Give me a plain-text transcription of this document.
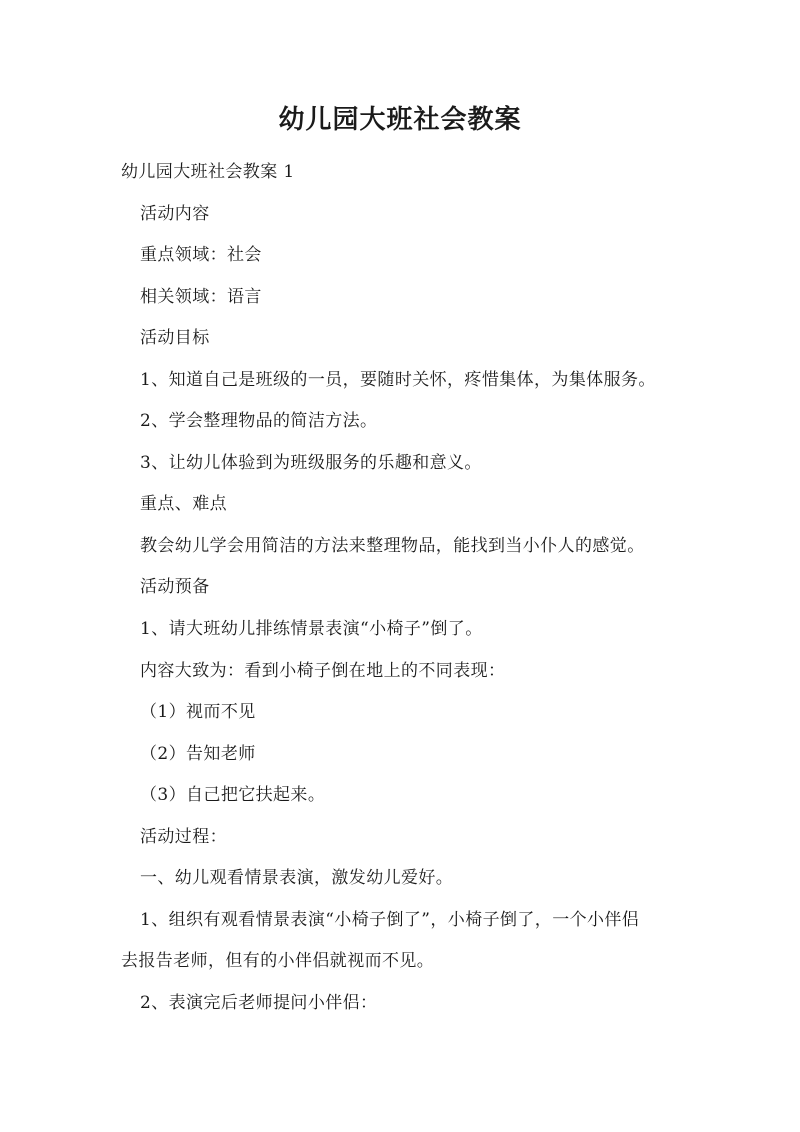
幼儿园大班社会教案
幼儿园大班社会教案 1
活动内容
重点领域：社会
相关领域：语言
活动目标
1、知道自己是班级的一员，要随时关怀，疼惜集体，为集体服务。
2、学会整理物品的简洁方法。
3、让幼儿体验到为班级服务的乐趣和意义。
重点、难点
教会幼儿学会用简洁的方法来整理物品，能找到当小仆人的感觉。
活动预备
1、请大班幼儿排练情景表演“小椅子”倒了。
内容大致为：看到小椅子倒在地上的不同表现：
（1）视而不见
（2）告知老师
（3）自己把它扶起来。
活动过程：
一、幼儿观看情景表演，激发幼儿爱好。
1、组织有观看情景表演“小椅子倒了”，小椅子倒了，一个小伴侣
去报告老师，但有的小伴侣就视而不见。
2、表演完后老师提问小伴侣：
